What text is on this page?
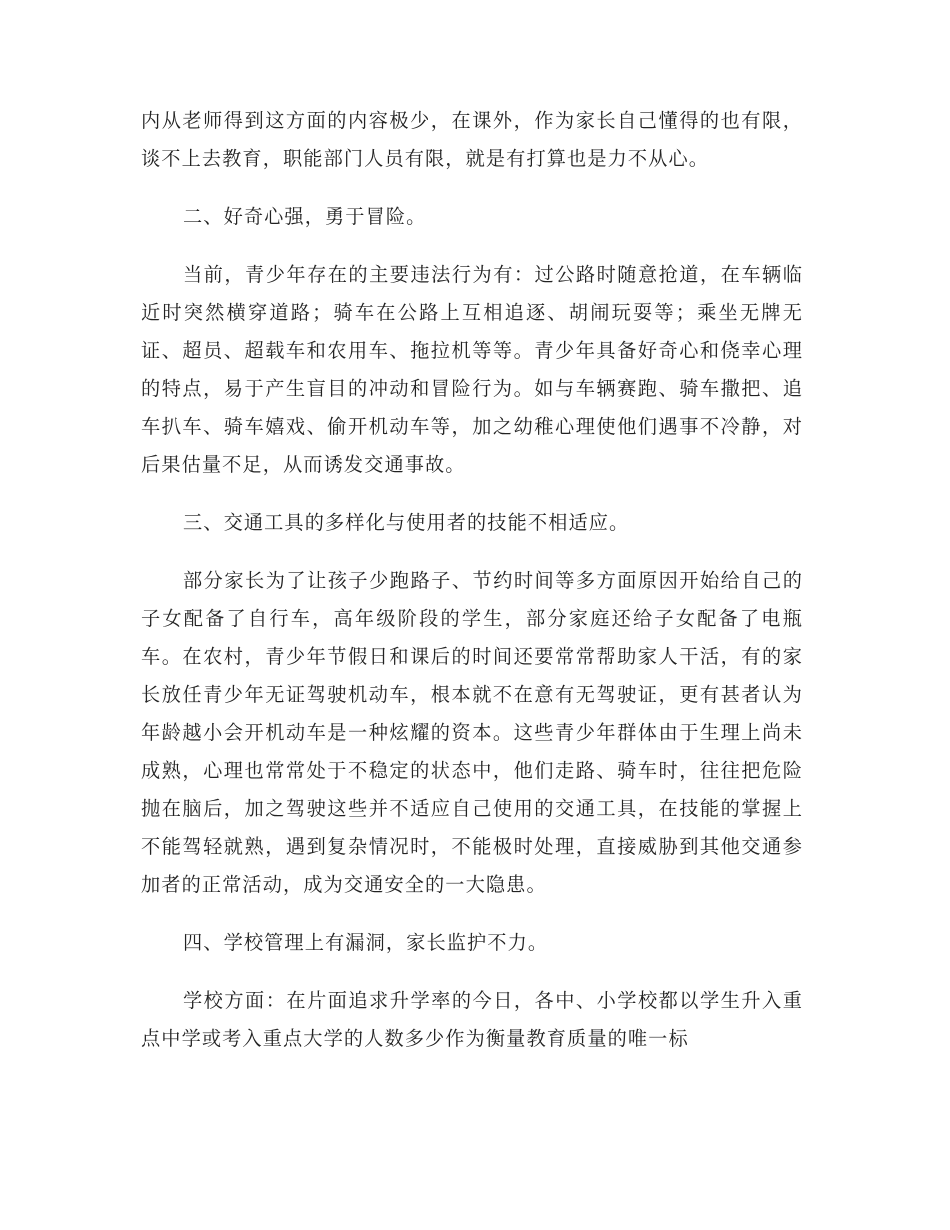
内从老师得到这方面的内容极少，在课外，作为家长自己懂得的也有限，谈不上去教育，职能部门人员有限，就是有打算也是力不从心。

二、好奇心强，勇于冒险。

当前，青少年存在的主要违法行为有：过公路时随意抢道，在车辆临近时突然横穿道路；骑车在公路上互相追逐、胡闹玩耍等；乘坐无牌无证、超员、超载车和农用车、拖拉机等等。青少年具备好奇心和侥幸心理的特点，易于产生盲目的冲动和冒险行为。如与车辆赛跑、骑车撒把、追车扒车、骑车嬉戏、偷开机动车等，加之幼稚心理使他们遇事不冷静，对后果估量不足，从而诱发交通事故。

三、交通工具的多样化与使用者的技能不相适应。

部分家长为了让孩子少跑路子、节约时间等多方面原因开始给自己的子女配备了自行车，高年级阶段的学生，部分家庭还给子女配备了电瓶车。在农村，青少年节假日和课后的时间还要常常帮助家人干活，有的家长放任青少年无证驾驶机动车，根本就不在意有无驾驶证，更有甚者认为年龄越小会开机动车是一种炫耀的资本。这些青少年群体由于生理上尚未成熟，心理也常常处于不稳定的状态中，他们走路、骑车时，往往把危险抛在脑后，加之驾驶这些并不适应自己使用的交通工具，在技能的掌握上不能驾轻就熟，遇到复杂情况时，不能极时处理，直接威胁到其他交通参加者的正常活动，成为交通安全的一大隐患。

四、学校管理上有漏洞，家长监护不力。

学校方面：在片面追求升学率的今日，各中、小学校都以学生升入重点中学或考入重点大学的人数多少作为衡量教育质量的唯一标
